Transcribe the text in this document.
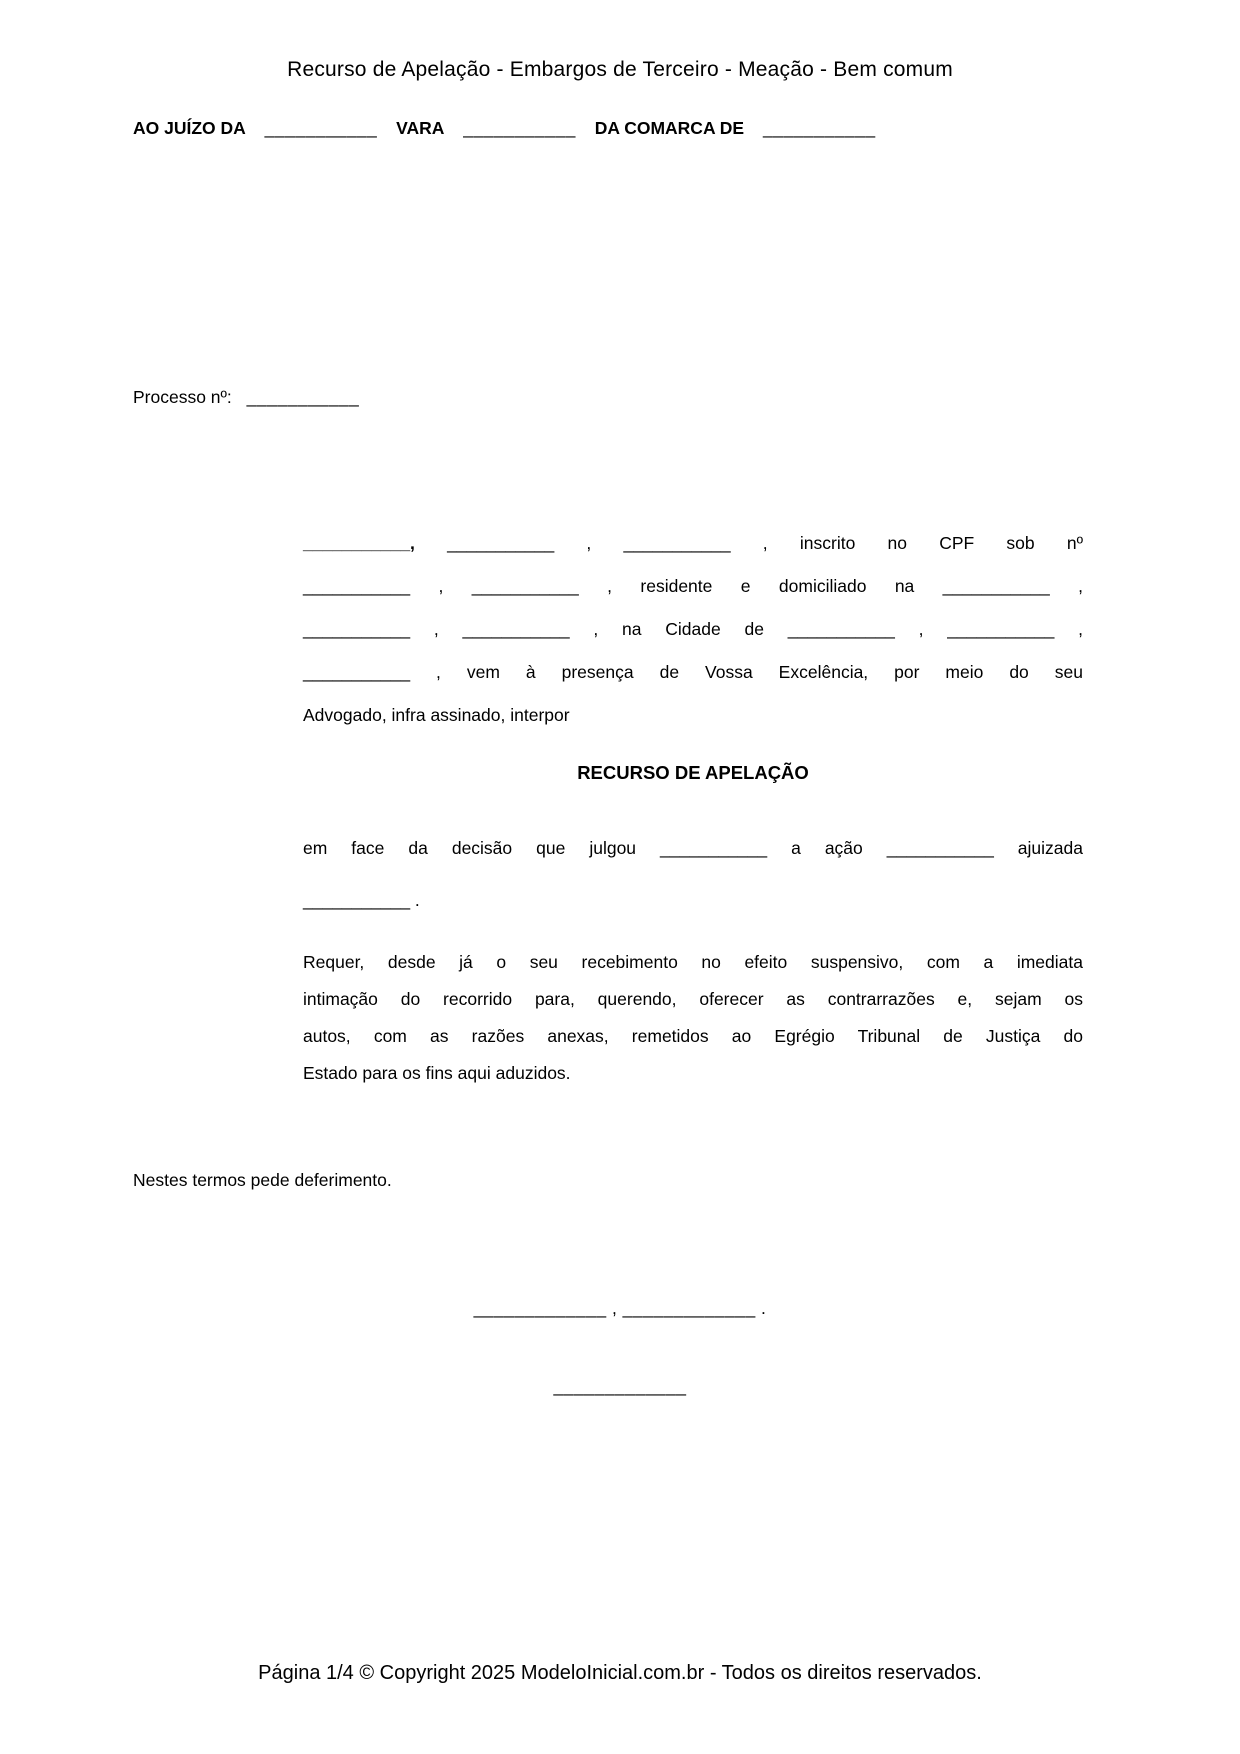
Recurso de Apelação - Embargos de Terceiro - Meação - Bem comum
AO JUÍZO DA ___________ VARA ___________ DA COMARCA DE ___________
Processo nº: ___________
___________, ___________ , ___________ , inscrito no CPF sob nº
___________ , ___________ , residente e domiciliado na ___________ ,
___________ , ___________ , na Cidade de ___________ , ___________ ,
___________ , vem à presença de Vossa Excelência, por meio do seu
Advogado, infra assinado, interpor
RECURSO DE APELAÇÃO
em face da decisão que julgou ___________ a ação ___________ ajuizada
___________ .
Requer, desde já o seu recebimento no efeito suspensivo, com a imediata
intimação do recorrido para, querendo, oferecer as contrarrazões e, sejam os
autos, com as razões anexas, remetidos ao Egrégio Tribunal de Justiça do
Estado para os fins aqui aduzidos.
Nestes termos pede deferimento.
_____________ , _____________ .
_____________
Página 1/4 © Copyright 2025 ModeloInicial.com.br - Todos os direitos reservados.
